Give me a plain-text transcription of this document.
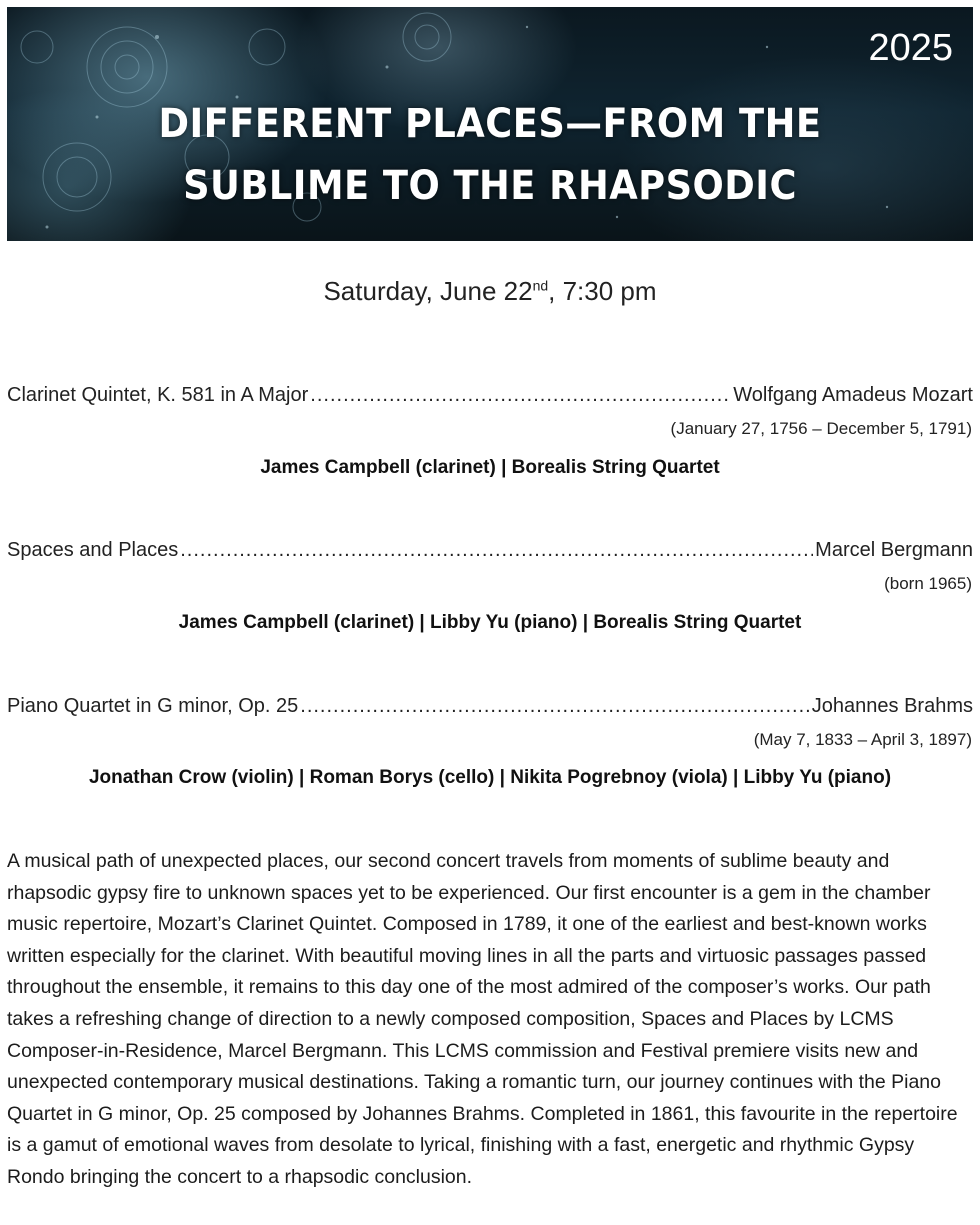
2025
DIFFERENT PLACES—FROM THE
SUBLIME TO THE RHAPSODIC
Saturday, June 22nd, 7:30 pm
Clarinet Quintet, K. 581 in A Major .....	Wolfgang Amadeus Mozart
(January 27, 1756 – December 5, 1791)
James Campbell (clarinet) | Borealis String Quartet
Spaces and Places .....	Marcel Bergmann
(born 1965)
James Campbell (clarinet) | Libby Yu (piano) | Borealis String Quartet
Piano Quartet in G minor, Op. 25 .....	Johannes Brahms
(May 7, 1833 – April 3, 1897)
Jonathan Crow (violin) | Roman Borys (cello) | Nikita Pogrebnoy (viola) | Libby Yu (piano)

A musical path of unexpected places, our second concert travels from moments of sublime beauty and rhapsodic gypsy fire to unknown spaces yet to be experienced. Our first encounter is a gem in the chamber music repertoire, Mozart’s Clarinet Quintet. Composed in 1789, it one of the earliest and best-known works written especially for the clarinet. With beautiful moving lines in all the parts and virtuosic passages passed throughout the ensemble, it remains to this day one of the most admired of the composer’s works. Our path takes a refreshing change of direction to a newly composed composition, Spaces and Places by LCMS Composer-in-Residence, Marcel Bergmann. This LCMS commission and Festival premiere visits new and unexpected contemporary musical destinations. Taking a romantic turn, our journey continues with the Piano Quartet in G minor, Op. 25 composed by Johannes Brahms. Completed in 1861, this favourite in the repertoire is a gamut of emotional waves from desolate to lyrical, finishing with a fast, energetic and rhythmic Gypsy Rondo bringing the concert to a rhapsodic conclusion.
